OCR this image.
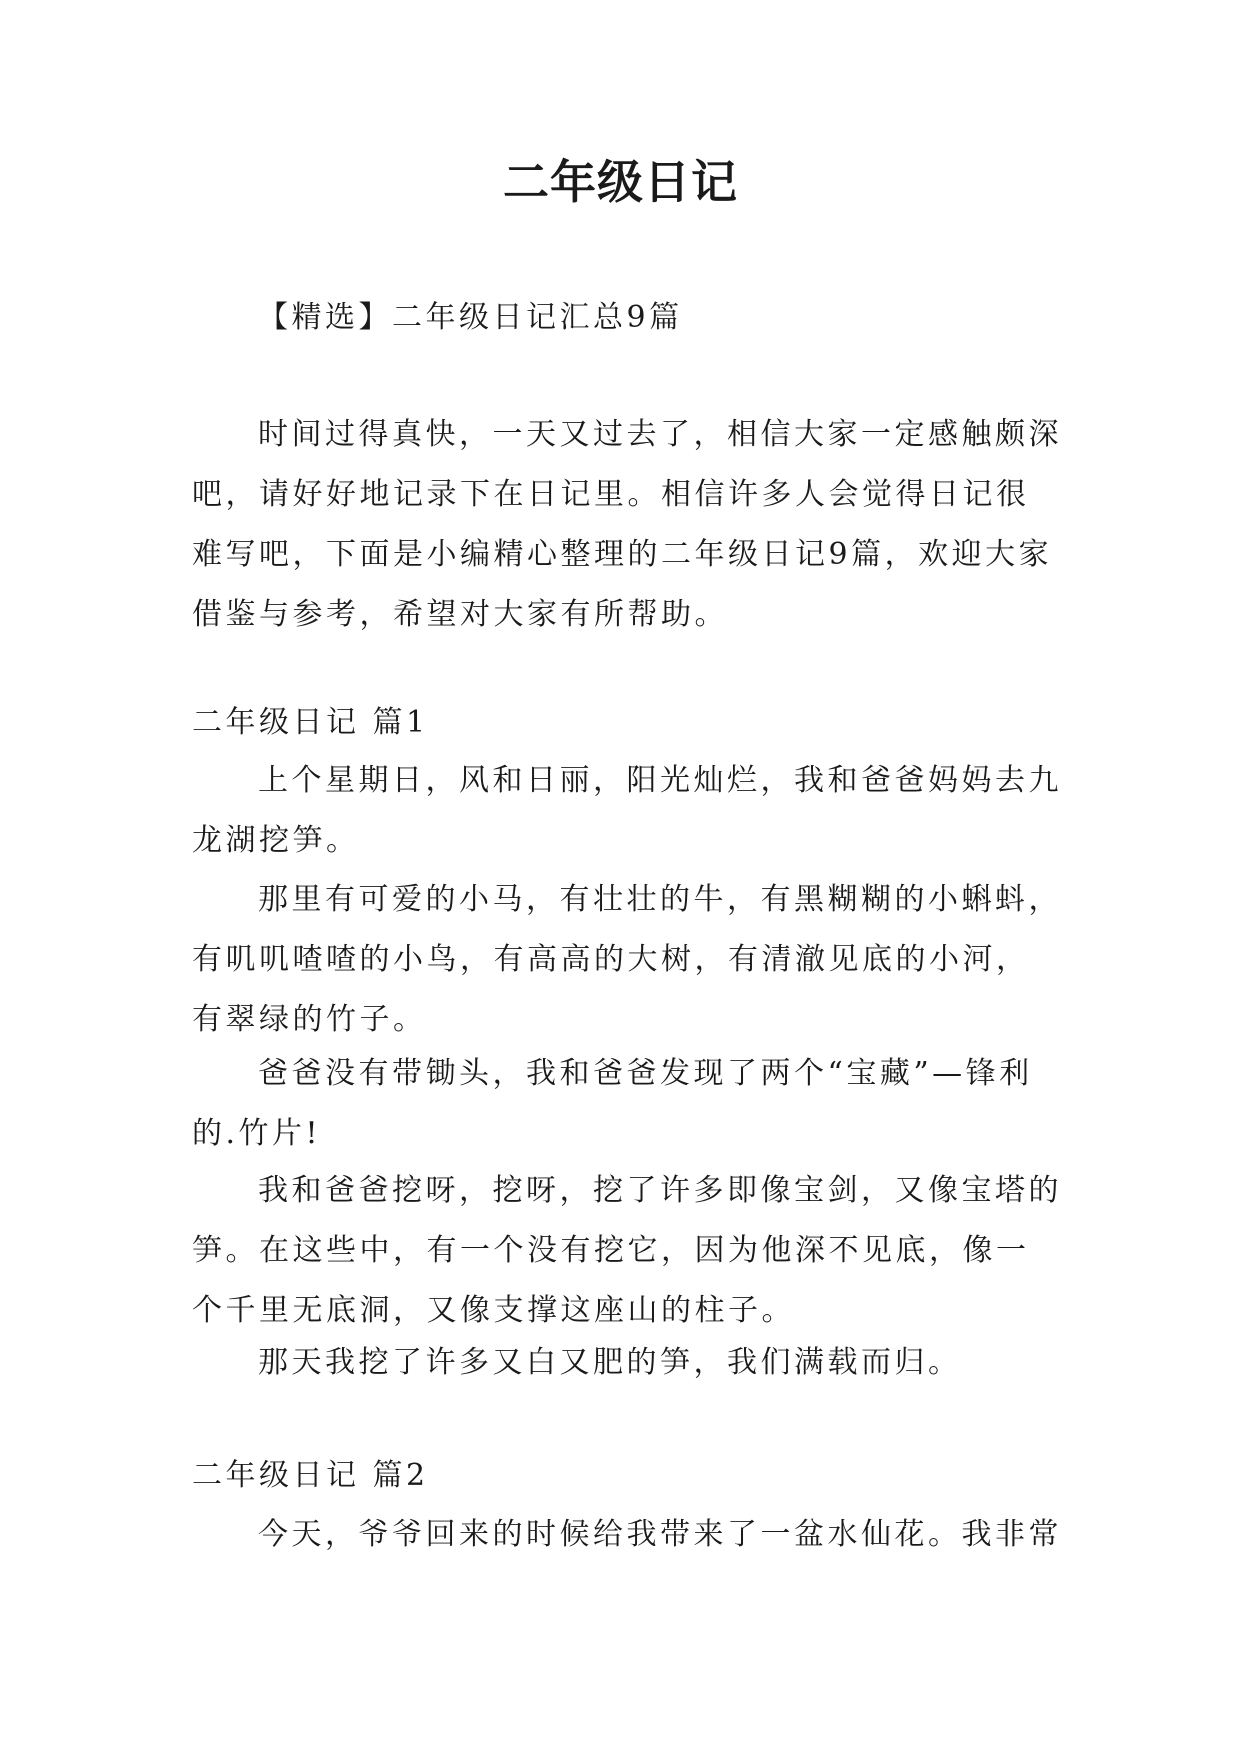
二年级日记

【精选】二年级日记汇总9篇

时间过得真快，一天又过去了，相信大家一定感触颇深吧，请好好地记录下在日记里。相信许多人会觉得日记很难写吧，下面是小编精心整理的二年级日记9篇，欢迎大家借鉴与参考，希望对大家有所帮助。

二年级日记 篇1

上个星期日，风和日丽，阳光灿烂，我和爸爸妈妈去九龙湖挖笋。

那里有可爱的小马，有壮壮的牛，有黑糊糊的小蝌蚪，有叽叽喳喳的小鸟，有高高的大树，有清澈见底的小河，有翠绿的竹子。

爸爸没有带锄头，我和爸爸发现了两个“宝藏”—锋利的.竹片!

我和爸爸挖呀，挖呀，挖了许多即像宝剑，又像宝塔的笋。在这些中，有一个没有挖它，因为他深不见底，像一个千里无底洞，又像支撑这座山的柱子。

那天我挖了许多又白又肥的笋，我们满载而归。

二年级日记 篇2

今天，爷爷回来的时候给我带来了一盆水仙花。我非常
